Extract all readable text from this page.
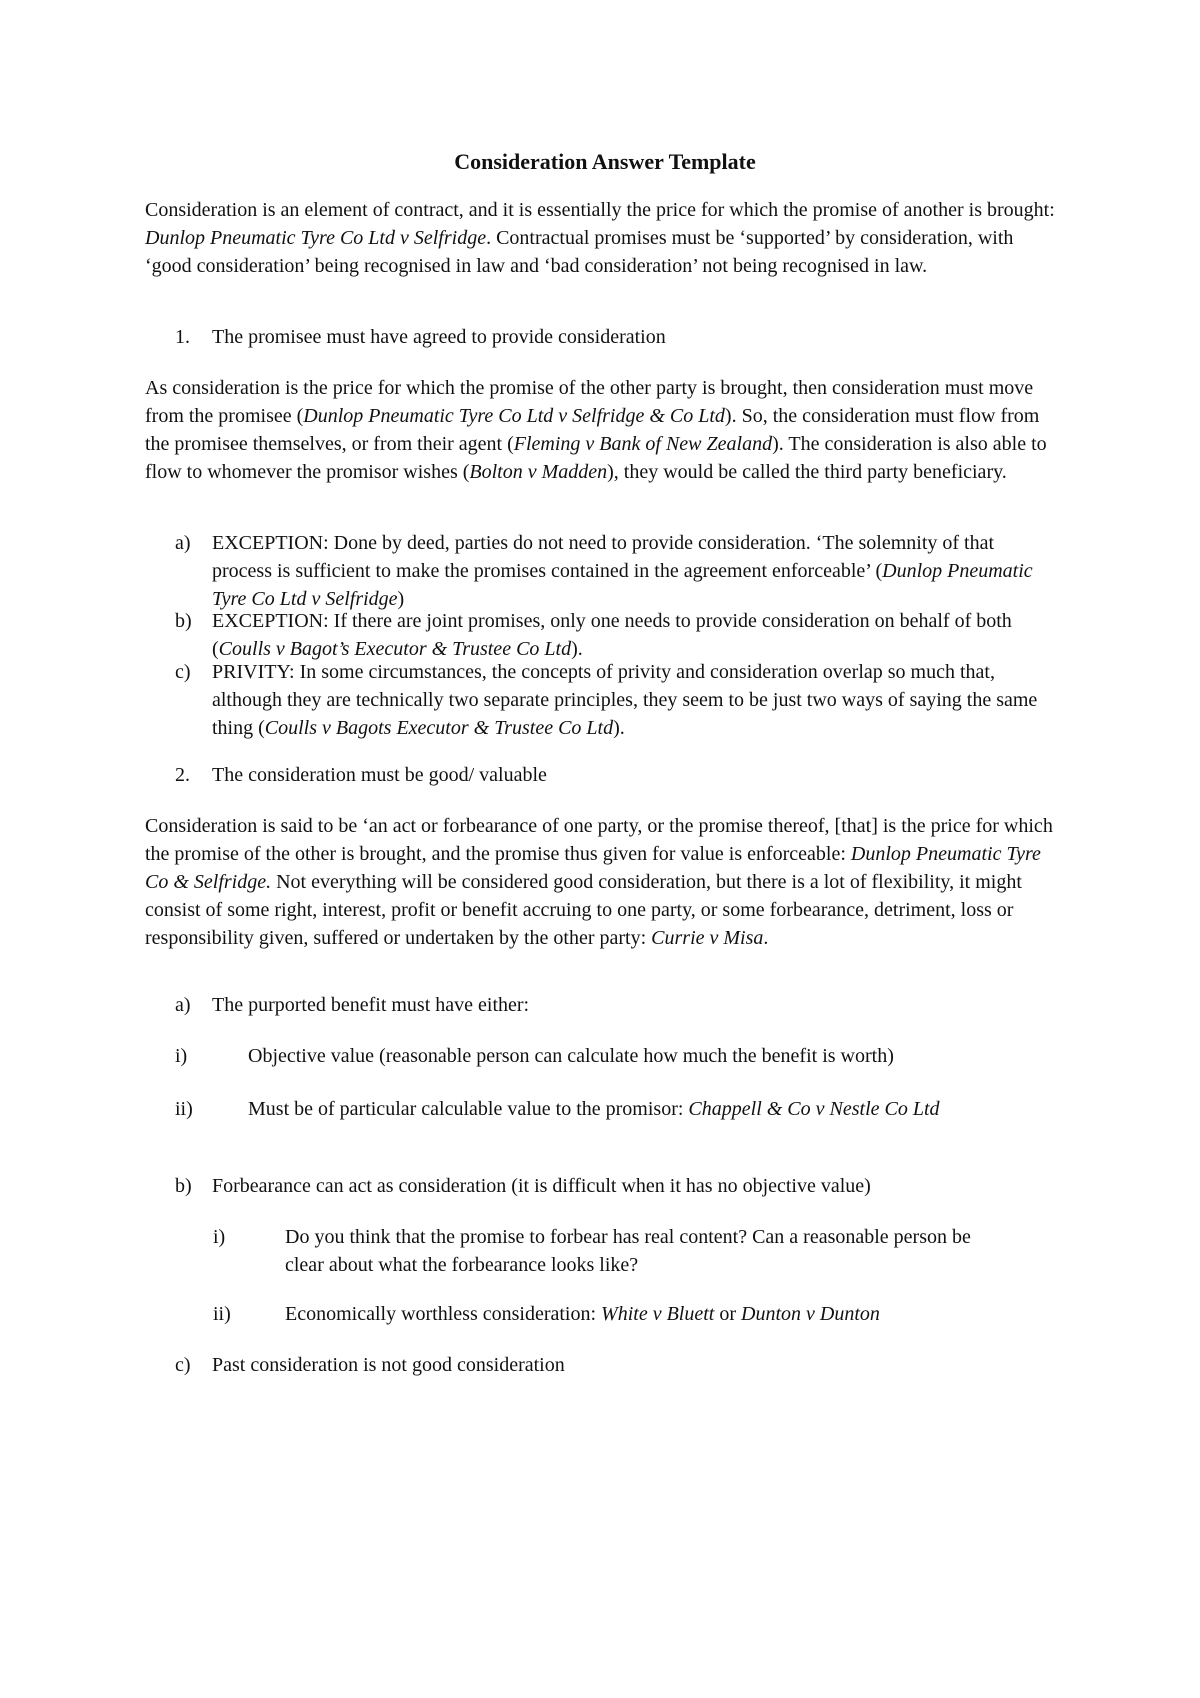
Consideration Answer Template

Consideration is an element of contract, and it is essentially the price for which the promise of another is brought: Dunlop Pneumatic Tyre Co Ltd v Selfridge. Contractual promises must be ‘supported’ by consideration, with ‘good consideration’ being recognised in law and ‘bad consideration’ not being recognised in law.

1.	The promisee must have agreed to provide consideration

As consideration is the price for which the promise of the other party is brought, then consideration must move from the promisee (Dunlop Pneumatic Tyre Co Ltd v Selfridge & Co Ltd). So, the consideration must flow from the promisee themselves, or from their agent (Fleming v Bank of New Zealand). The consideration is also able to flow to whomever the promisor wishes (Bolton v Madden), they would be called the third party beneficiary.

a)	EXCEPTION: Done by deed, parties do not need to provide consideration. ‘The solemnity of that process is sufficient to make the promises contained in the agreement enforceable’ (Dunlop Pneumatic Tyre Co Ltd v Selfridge)

b)	EXCEPTION: If there are joint promises, only one needs to provide consideration on behalf of both (Coulls v Bagot’s Executor & Trustee Co Ltd).

c)	PRIVITY: In some circumstances, the concepts of privity and consideration overlap so much that, although they are technically two separate principles, they seem to be just two ways of saying the same thing (Coulls v Bagots Executor & Trustee Co Ltd).

2.	The consideration must be good/ valuable

Consideration is said to be ‘an act or forbearance of one party, or the promise thereof, [that] is the price for which the promise of the other is brought, and the promise thus given for value is enforceable: Dunlop Pneumatic Tyre Co & Selfridge. Not everything will be considered good consideration, but there is a lot of flexibility, it might consist of some right, interest, profit or benefit accruing to one party, or some forbearance, detriment, loss or responsibility given, suffered or undertaken by the other party: Currie v Misa.

a)	The purported benefit must have either:
i)	Objective value (reasonable person can calculate how much the benefit is worth)
ii)	Must be of particular calculable value to the promisor: Chappell & Co v Nestle Co Ltd

b)	Forbearance can act as consideration (it is difficult when it has no objective value)
i)	Do you think that the promise to forbear has real content? Can a reasonable person be clear about what the forbearance looks like?
ii)	Economically worthless consideration: White v Bluett or Dunton v Dunton

c)	Past consideration is not good consideration
